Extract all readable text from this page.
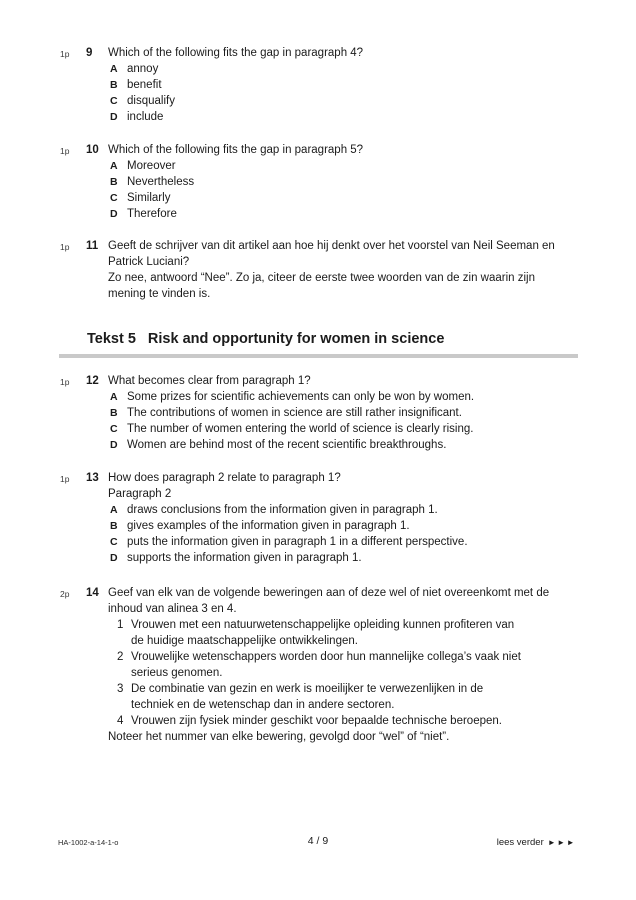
1p 9 Which of the following fits the gap in paragraph 4?
A annoy
B benefit
C disqualify
D include
1p 10 Which of the following fits the gap in paragraph 5?
A Moreover
B Nevertheless
C Similarly
D Therefore
1p 11 Geeft de schrijver van dit artikel aan hoe hij denkt over het voorstel van Neil Seeman en Patrick Luciani?
Zo nee, antwoord “Nee”. Zo ja, citeer de eerste twee woorden van de zin waarin zijn mening te vinden is.
Tekst 5 Risk and opportunity for women in science
1p 12 What becomes clear from paragraph 1?
A Some prizes for scientific achievements can only be won by women.
B The contributions of women in science are still rather insignificant.
C The number of women entering the world of science is clearly rising.
D Women are behind most of the recent scientific breakthroughs.
1p 13 How does paragraph 2 relate to paragraph 1?
Paragraph 2
A draws conclusions from the information given in paragraph 1.
B gives examples of the information given in paragraph 1.
C puts the information given in paragraph 1 in a different perspective.
D supports the information given in paragraph 1.
2p 14 Geef van elk van de volgende beweringen aan of deze wel of niet overeenkomt met de inhoud van alinea 3 en 4.
1 Vrouwen met een natuurwetenschappelijke opleiding kunnen profiteren van de huidige maatschappelijke ontwikkelingen.
2 Vrouwelijke wetenschappers worden door hun mannelijke collega’s vaak niet serieus genomen.
3 De combinatie van gezin en werk is moeilijker te verwezenlijken in de techniek en de wetenschap dan in andere sectoren.
4 Vrouwen zijn fysiek minder geschikt voor bepaalde technische beroepen.
Noteer het nummer van elke bewering, gevolgd door “wel” of “niet”.
HA-1002-a-14-1-o	4 / 9	lees verder ►►►
